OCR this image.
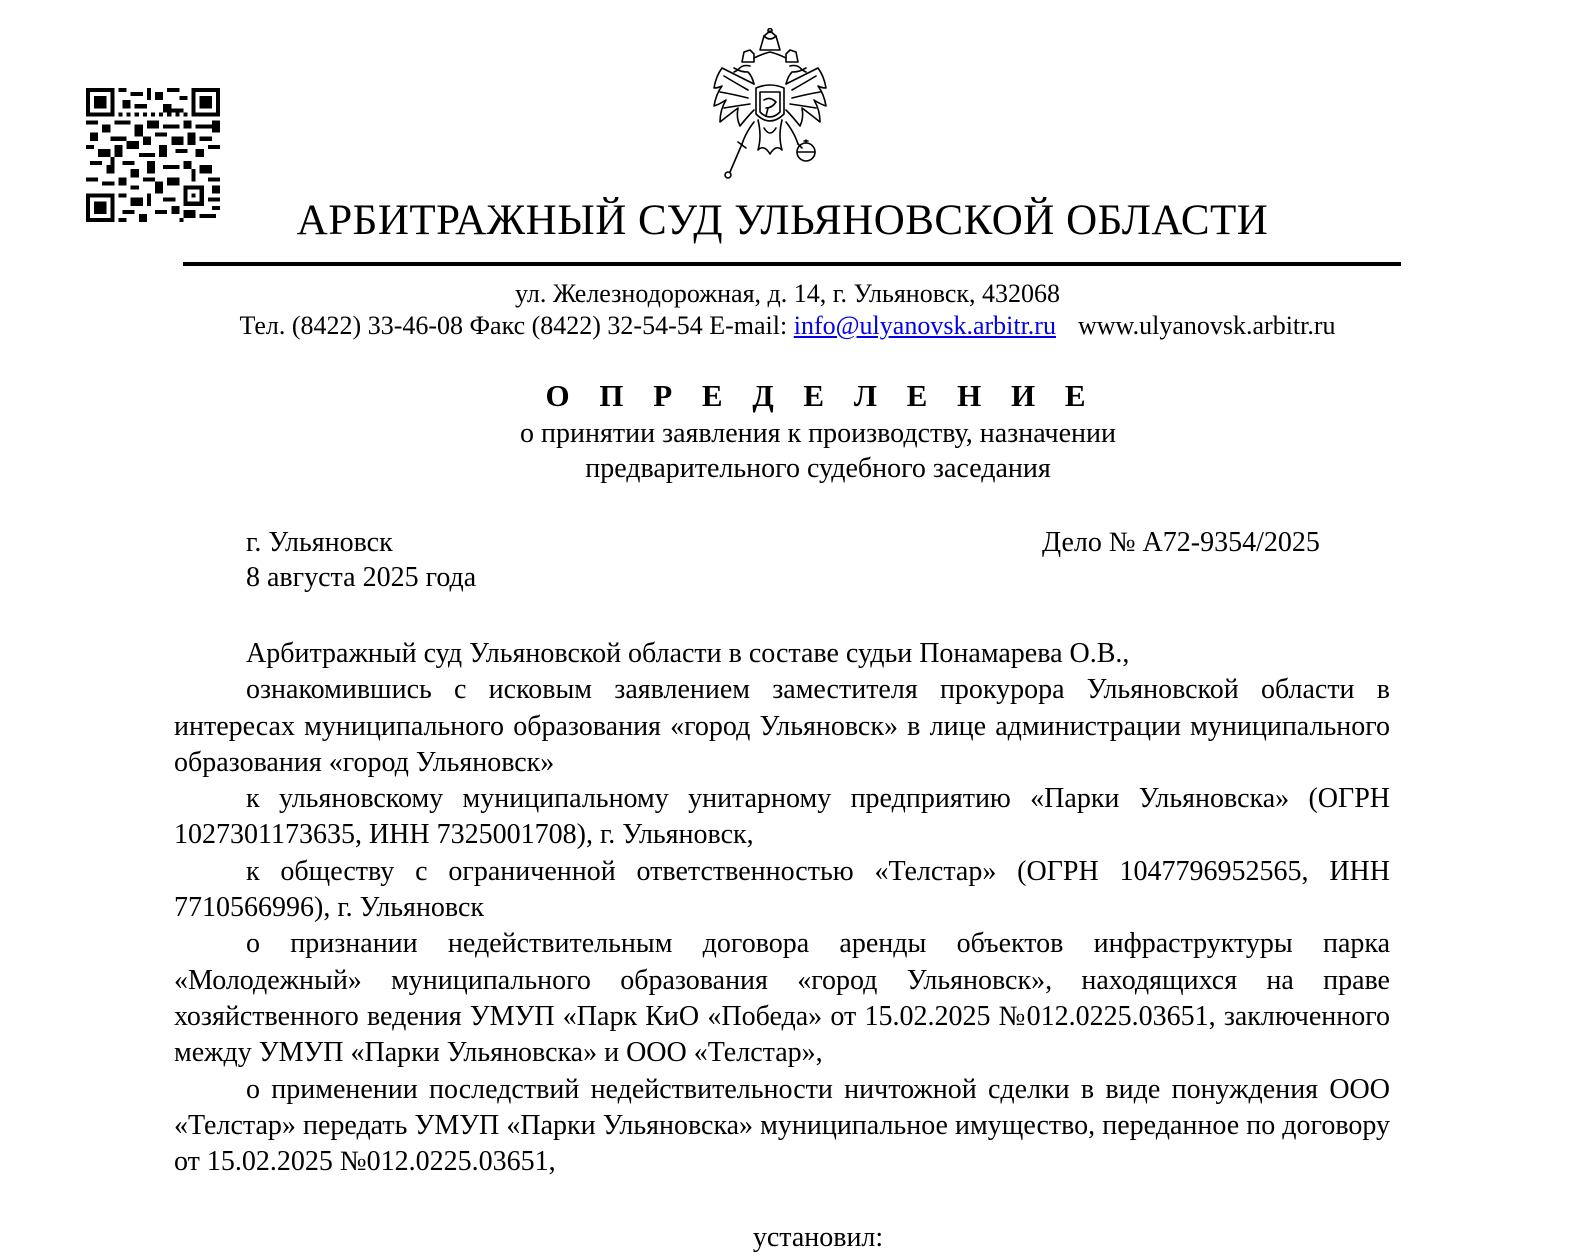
АРБИТРАЖНЫЙ СУД УЛЬЯНОВСКОЙ ОБЛАСТИ
ул. Железнодорожная, д. 14, г. Ульяновск, 432068
Тел. (8422) 33-46-08 Факс (8422) 32-54-54 E-mail: info@ulyanovsk.arbitr.ru www.ulyanovsk.arbitr.ru
О П Р Е Д Е Л Е Н И Е
о принятии заявления к производству, назначении
предварительного судебного заседания
г. Ульяновск
8 августа 2025 года
Дело № А72-9354/2025

Арбитражный суд Ульяновской области в составе судьи Понамарева О.В.,

ознакомившись с исковым заявлением заместителя прокурора Ульяновской области в интересах муниципального образования «город Ульяновск» в лице администрации муниципального образования «город Ульяновск»

к ульяновскому муниципальному унитарному предприятию «Парки Ульяновска» (ОГРН 1027301173635, ИНН 7325001708), г. Ульяновск,

к обществу с ограниченной ответственностью «Телстар» (ОГРН 1047796952565, ИНН 7710566996), г. Ульяновск

о признании недействительным договора аренды объектов инфраструктуры парка «Молодежный» муниципального образования «город Ульяновск», находящихся на праве хозяйственного ведения УМУП «Парк КиО «Победа» от 15.02.2025 №012.0225.03651, заключенного между УМУП «Парки Ульяновска» и ООО «Телстар»,

о применении последствий недействительности ничтожной сделки в виде понуждения ООО «Телстар» передать УМУП «Парки Ульяновска» муниципальное имущество, переданное по договору от 15.02.2025 №012.0225.03651,

установил:
